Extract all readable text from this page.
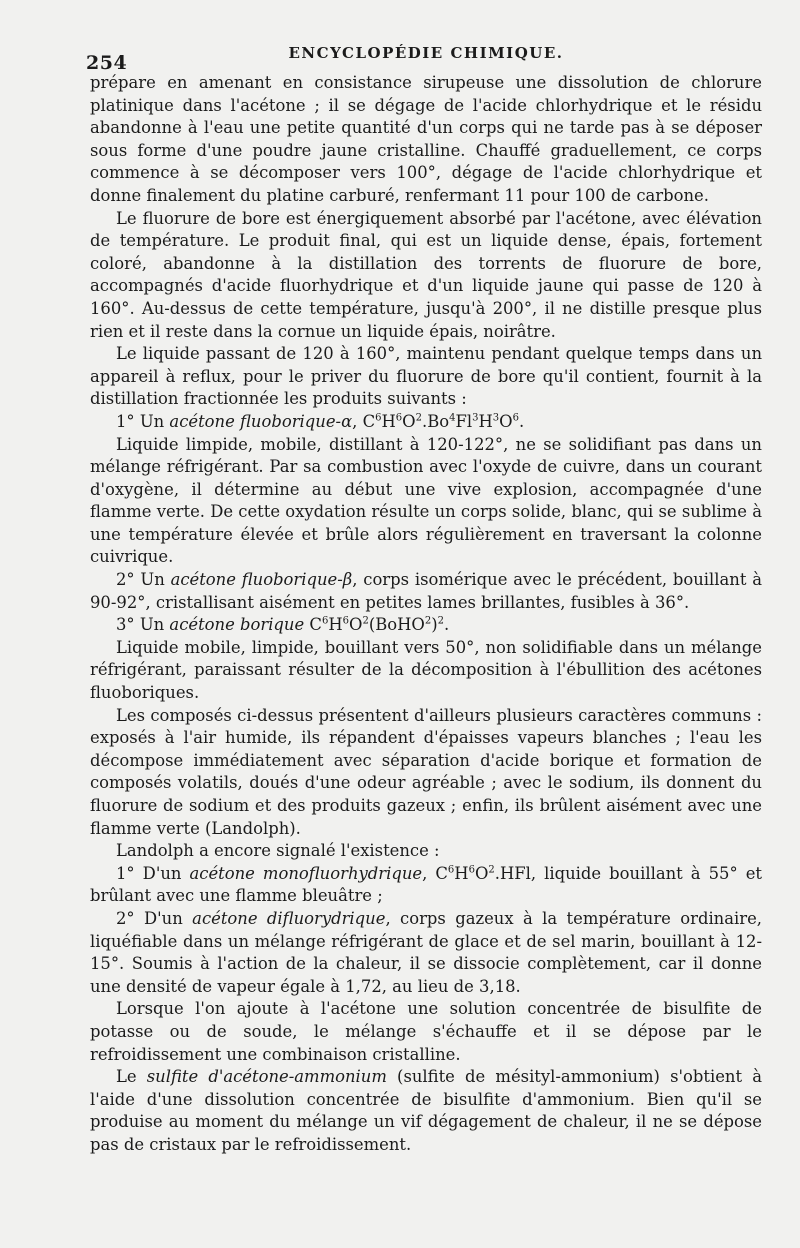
254	ENCYCLOPÉDIE CHIMIQUE.

prépare en amenant en consistance sirupeuse une dissolution de chlorure platinique dans l'acétone ; il se dégage de l'acide chlorhydrique et le résidu abandonne à l'eau une petite quantité d'un corps qui ne tarde pas à se déposer sous forme d'une poudre jaune cristalline. Chauffé graduellement, ce corps commence à se décomposer vers 100°, dégage de l'acide chlorhydrique et donne finalement du platine carburé, renfermant 11 pour 100 de carbone.

Le fluorure de bore est énergiquement absorbé par l'acétone, avec élévation de température. Le produit final, qui est un liquide dense, épais, fortement coloré, abandonne à la distillation des torrents de fluorure de bore, accompagnés d'acide fluorhydrique et d'un liquide jaune qui passe de 120 à 160°. Au-dessus de cette température, jusqu'à 200°, il ne distille presque plus rien et il reste dans la cornue un liquide épais, noirâtre.

Le liquide passant de 120 à 160°, maintenu pendant quelque temps dans un appareil à reflux, pour le priver du fluorure de bore qu'il contient, fournit à la distillation fractionnée les produits suivants :

1° Un acétone fluoborique-α, $C^6H^6O^2.Bo^4Fl^3H^3O^6$.

Liquide limpide, mobile, distillant à 120-122°, ne se solidifiant pas dans un mélange réfrigérant. Par sa combustion avec l'oxyde de cuivre, dans un courant d'oxygène, il détermine au début une vive explosion, accompagnée d'une flamme verte. De cette oxydation résulte un corps solide, blanc, qui se sublime à une température élevée et brûle alors régulièrement en traversant la colonne cuivrique.

2° Un acétone fluoborique-β, corps isomérique avec le précédent, bouillant à 90-92°, cristallisant aisément en petites lames brillantes, fusibles à 36°.

3° Un acétone borique $C^6H^6O^2(BoHO^2)^2$.

Liquide mobile, limpide, bouillant vers 50°, non solidifiable dans un mélange réfrigérant, paraissant résulter de la décomposition à l'ébullition des acétones fluoboriques.

Les composés ci-dessus présentent d'ailleurs plusieurs caractères communs : exposés à l'air humide, ils répandent d'épaisses vapeurs blanches ; l'eau les décompose immédiatement avec séparation d'acide borique et formation de composés volatils, doués d'une odeur agréable ; avec le sodium, ils donnent du fluorure de sodium et des produits gazeux ; enfin, ils brûlent aisément avec une flamme verte (Landolph).

Landolph a encore signalé l'existence :

1° D'un acétone monofluorhydrique, $C^6H^6O^2.HFl$, liquide bouillant à 55° et brûlant avec une flamme bleuâtre ;

2° D'un acétone difluorydrique, corps gazeux à la température ordinaire, liquéfiable dans un mélange réfrigérant de glace et de sel marin, bouillant à 12-15°. Soumis à l'action de la chaleur, il se dissocie complètement, car il donne une densité de vapeur égale à 1,72, au lieu de 3,18.

Lorsque l'on ajoute à l'acétone une solution concentrée de bisulfite de potasse ou de soude, le mélange s'échauffe et il se dépose par le refroidissement une combinaison cristalline.

Le sulfite d'acétone-ammonium (sulfite de mésityl-ammonium) s'obtient à l'aide d'une dissolution concentrée de bisulfite d'ammonium. Bien qu'il se produise au moment du mélange un vif dégagement de chaleur, il ne se dépose pas de cristaux par le refroidissement.
